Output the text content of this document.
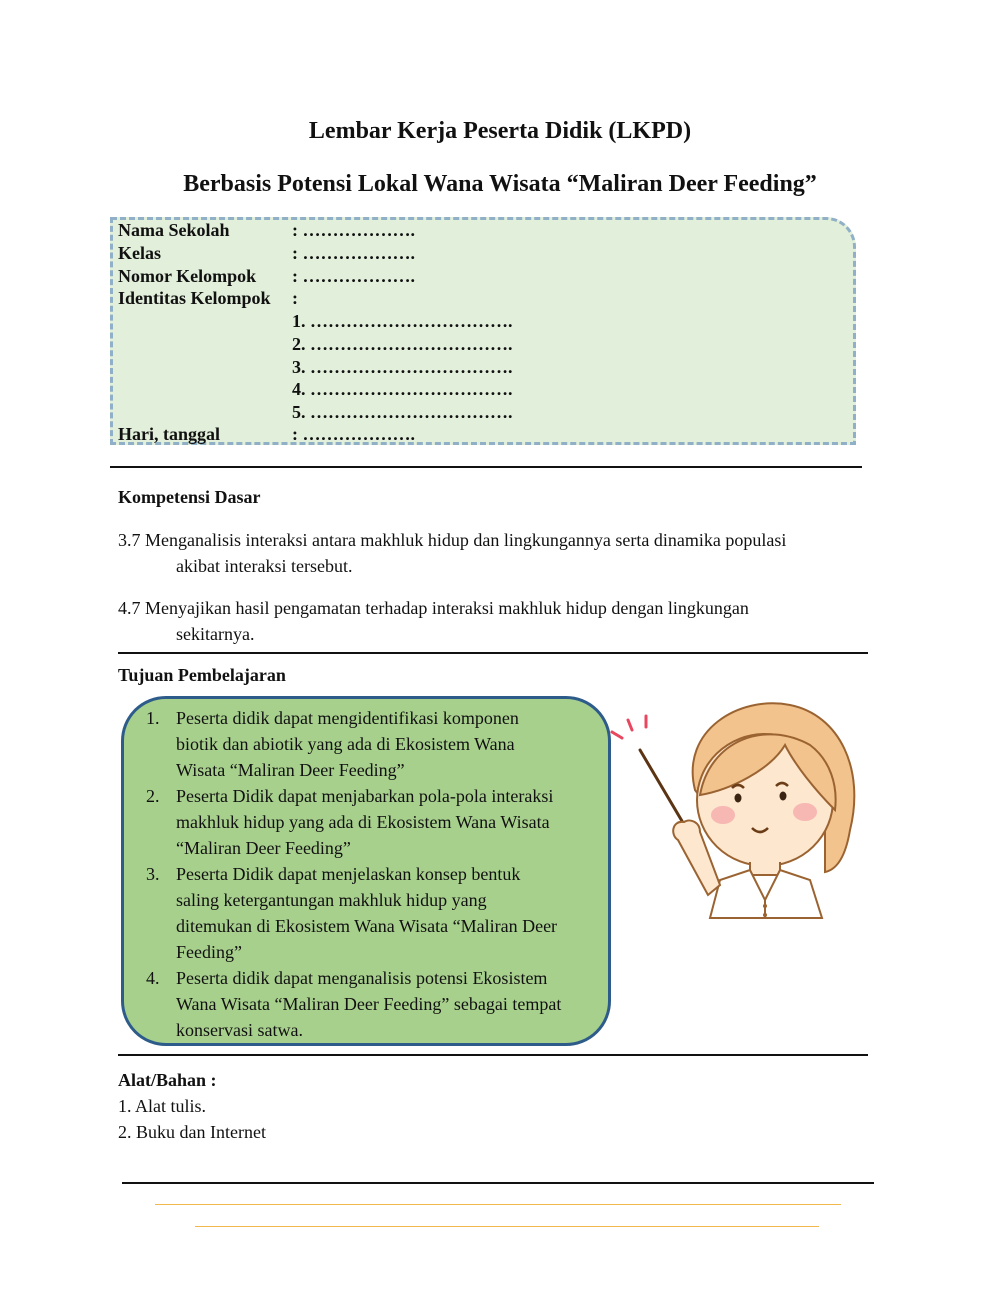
Lembar Kerja Peserta Didik (LKPD)
Berbasis Potensi Lokal Wana Wisata “Maliran Deer Feeding”
Nama Sekolah	: ……………….
Kelas	: ……………….
Nomor Kelompok : ……………….
Identitas Kelompok :
1. …………………………….
2. …………………………….
3. …………………………….
4. …………………………….
5. …………………………….
Hari, tanggal	: ……………….
Kompetensi Dasar
3.7 Menganalisis interaksi antara makhluk hidup dan lingkungannya serta dinamika populasi
akibat interaksi tersebut.
4.7 Menyajikan hasil pengamatan terhadap interaksi makhluk hidup dengan lingkungan
sekitarnya.
Tujuan Pembelajaran
1. Peserta didik dapat mengidentifikasi komponen
biotik dan abiotik yang ada di Ekosistem Wana
Wisata “Maliran Deer Feeding”
2. Peserta Didik dapat menjabarkan pola-pola interaksi
makhluk hidup yang ada di Ekosistem Wana Wisata
“Maliran Deer Feeding”
3. Peserta Didik dapat menjelaskan konsep bentuk
saling ketergantungan makhluk hidup yang
ditemukan di Ekosistem Wana Wisata “Maliran Deer
Feeding”
4. Peserta didik dapat menganalisis potensi Ekosistem
Wana Wisata “Maliran Deer Feeding” sebagai tempat
konservasi satwa.
Alat/Bahan :
1. Alat tulis.
2. Buku dan Internet
